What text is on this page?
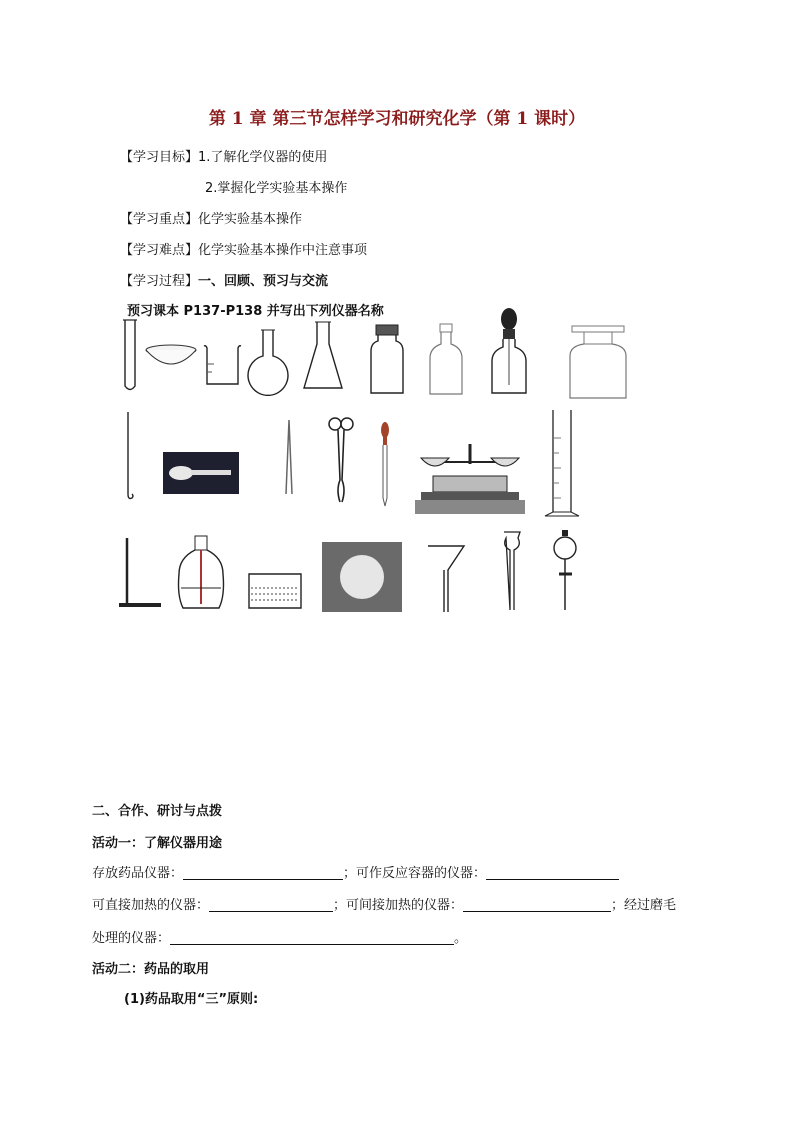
第 1 章 第三节怎样学习和研究化学（第 1 课时）
【学习目标】1.了解化学仪器的使用
2.掌握化学实验基本操作
【学习重点】化学实验基本操作
【学习难点】化学实验基本操作中注意事项
【学习过程】一、回顾、预习与交流
预习课本 P137-P138 并写出下列仪器名称
二、合作、研讨与点拨
活动一：了解仪器用途
存放药品仪器：	；可作反应容器的仪器：
可直接加热的仪器：	；可间接加热的仪器：	；经过磨毛
处理的仪器：	。
活动二：药品的取用
(1)药品取用“三”原则:
